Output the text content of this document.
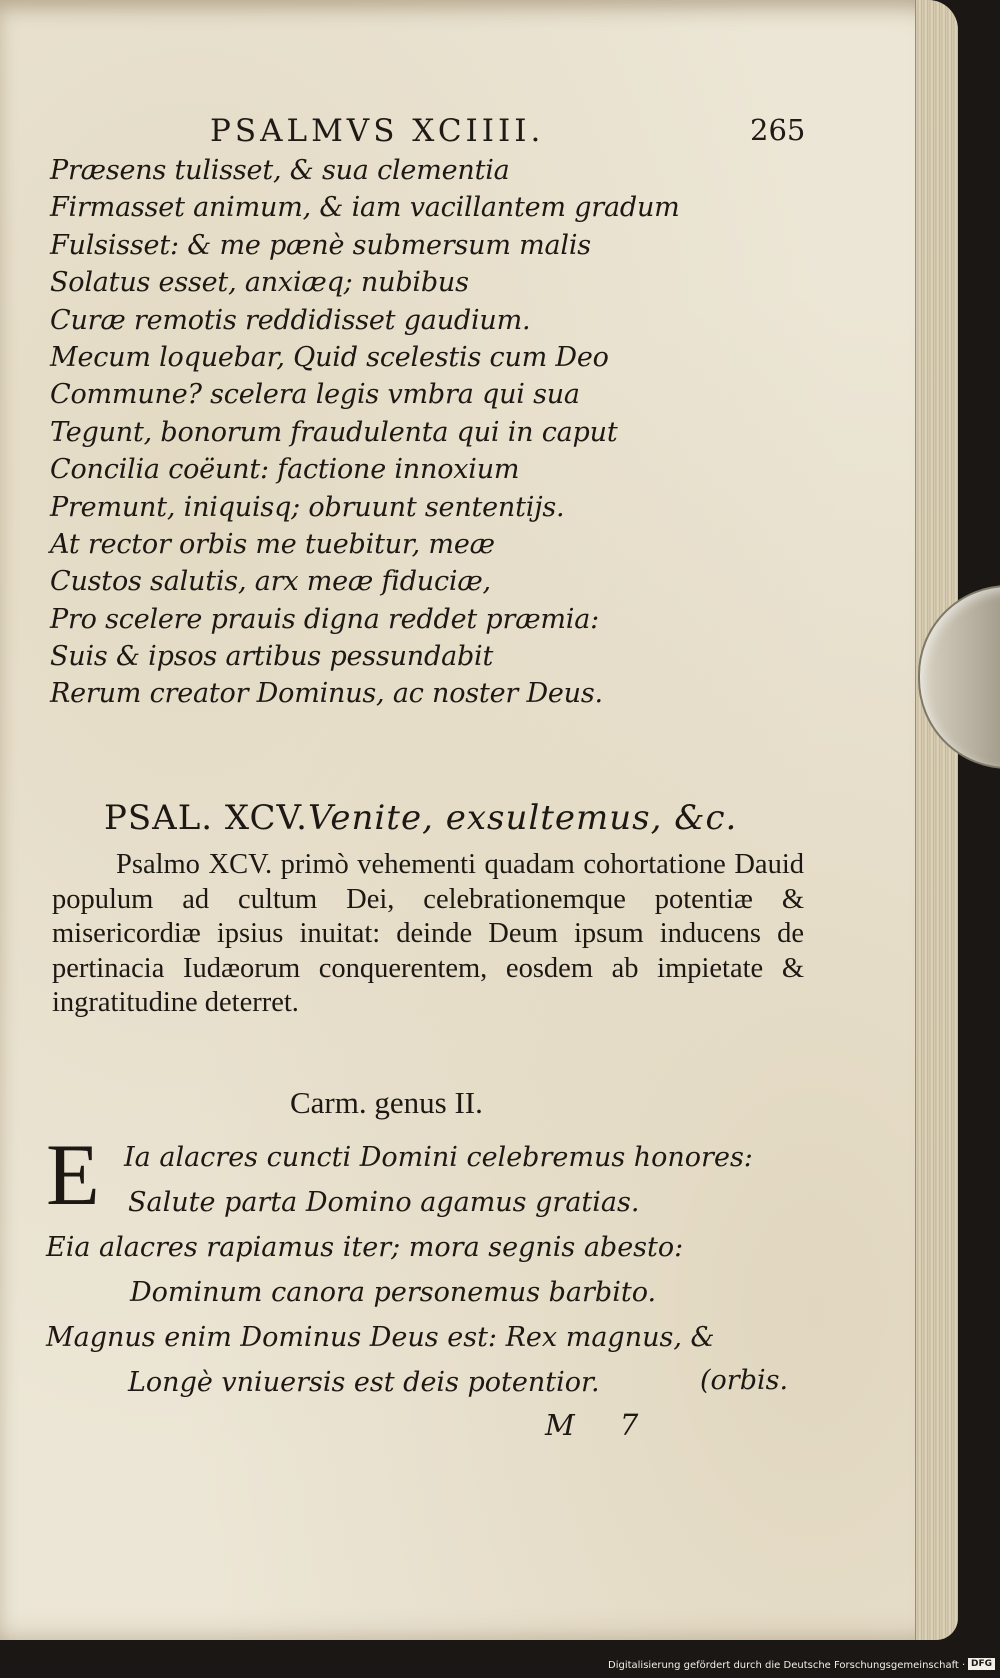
PSALMVS XCIIII.	265
Præsens tulisset, & sua clementia
Firmasset animum, & iam vacillantem gradum
Fulsisset: & me pænè submersum malis
Solatus esset, anxiæq; nubibus
Curæ remotis reddidisset gaudium.
Mecum loquebar, Quid scelestis cum Deo
Commune? scelera legis vmbra qui sua
Tegunt, bonorum fraudulenta qui in caput
Concilia coëunt: factione innoxium
Premunt, iniquisq; obruunt sententijs.
At rector orbis me tuebitur, meæ
Custos salutis, arx meæ fiduciæ,
Pro scelere prauis digna reddet præmia:
Suis & ipsos artibus pessundabit
Rerum creator Dominus, ac noster Deus.
PSAL. XCV.Venite, exsultemus, &c.

Psalmo XCV. primò vehementi quadam cohortatione Dauid populum ad cultum Dei, celebrationemque potentiæ & misericordiæ ipsius inuitat: deinde Deum ipsum inducens de pertinacia Iudæorum conquerentem, eosdem ab impietate & ingratitudine deterret.

Carm. genus II.
E Ia alacres cuncti Domini celebremus honores:
Salute parta Domino agamus gratias.
Eia alacres rapiamus iter; mora segnis abesto:
Dominum canora personemus barbito.
Magnus enim Dominus Deus est: Rex magnus, &
Longè vniuersis est deis potentior.	(orbis.
M 7
Digitalisierung gefördert durch die Deutsche Forschungsgemeinschaft · DFG
